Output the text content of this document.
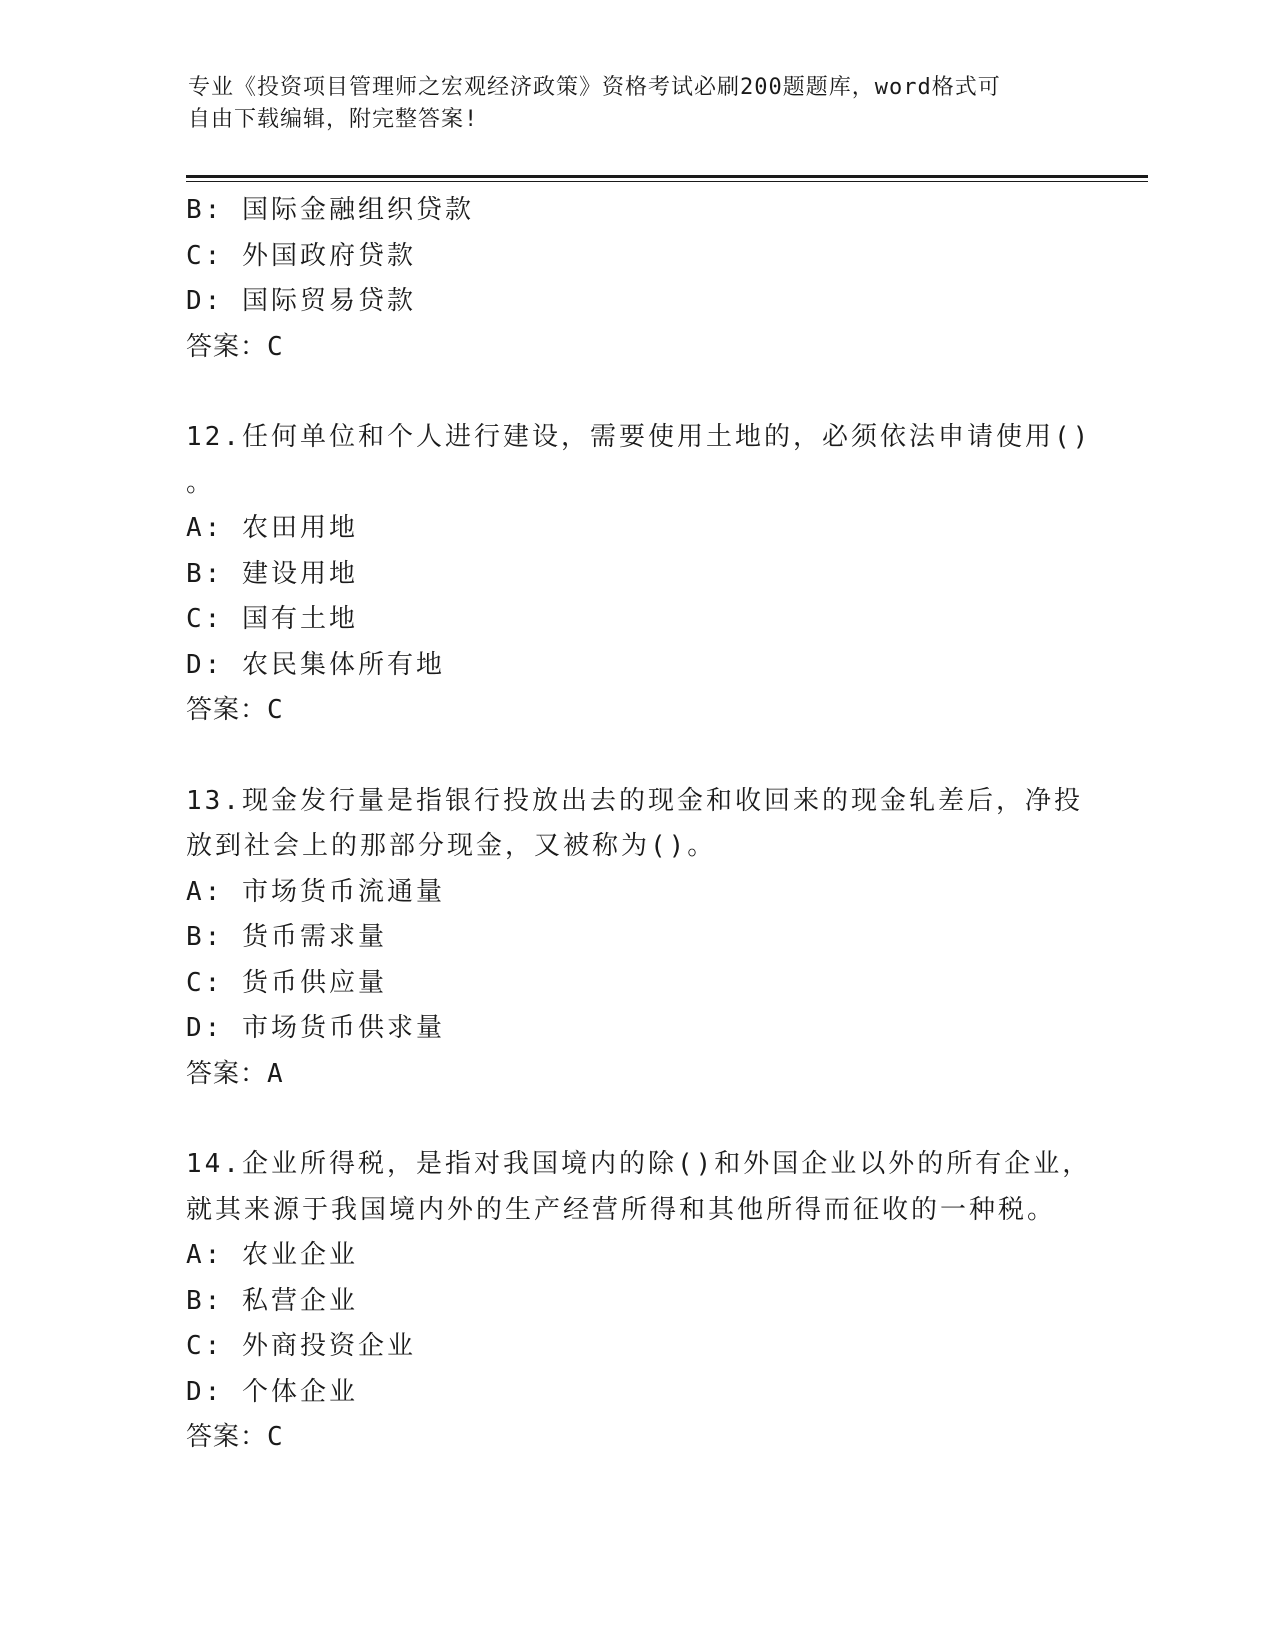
专业《投资项目管理师之宏观经济政策》资格考试必刷200题题库，word格式可
自由下载编辑，附完整答案!
B: 国际金融组织贷款
C: 外国政府贷款
D: 国际贸易贷款
答案：C
12.任何单位和个人进行建设，需要使用土地的，必须依法申请使用()
。
A: 农田用地
B: 建设用地
C: 国有土地
D: 农民集体所有地
答案：C
13.现金发行量是指银行投放出去的现金和收回来的现金轧差后，净投
放到社会上的那部分现金，又被称为()。
A: 市场货币流通量
B: 货币需求量
C: 货币供应量
D: 市场货币供求量
答案：A
14.企业所得税，是指对我国境内的除()和外国企业以外的所有企业，
就其来源于我国境内外的生产经营所得和其他所得而征收的一种税。
A: 农业企业
B: 私营企业
C: 外商投资企业
D: 个体企业
答案：C
